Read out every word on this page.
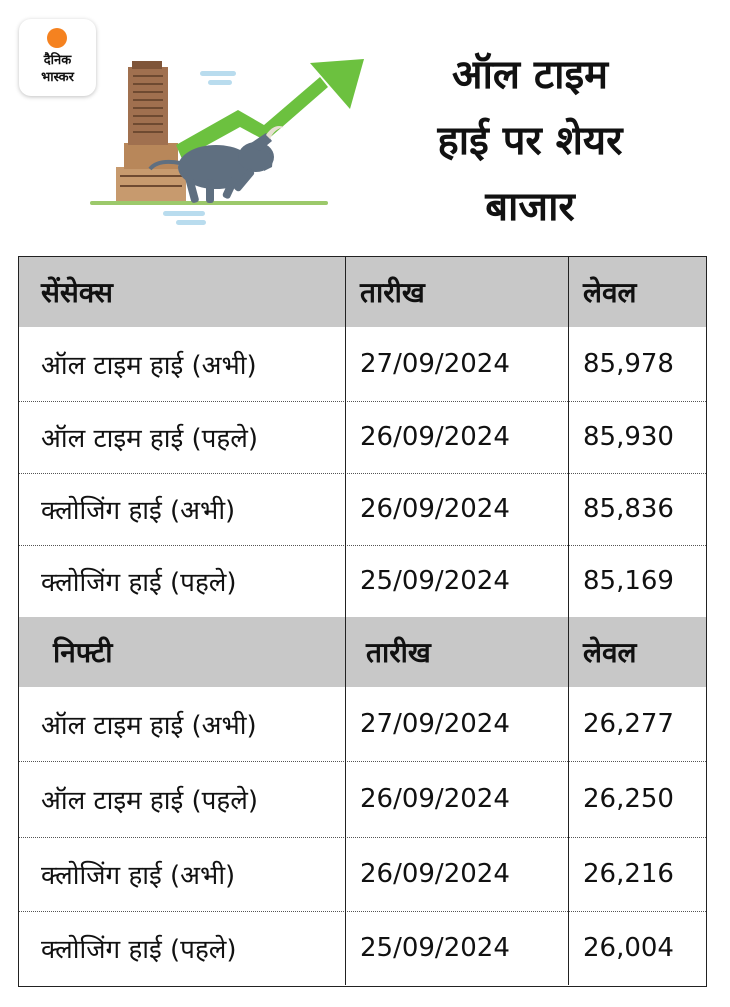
दैनिक
भास्कर	ऑल टाइम
हाई पर शेयर
बाजार
सेंसेक्स	तारीख	लेवल
ऑल टाइम हाई (अभी)	27/09/2024	85,978
ऑल टाइम हाई (पहले)	26/09/2024	85,930
क्लोजिंग हाई (अभी)	26/09/2024	85,836
क्लोजिंग हाई (पहले)	25/09/2024	85,169
निफ्टी	तारीख	लेवल
ऑल टाइम हाई (अभी)	27/09/2024	26,277
ऑल टाइम हाई (पहले)	26/09/2024	26,250
क्लोजिंग हाई (अभी)	26/09/2024	26,216
क्लोजिंग हाई (पहले)	25/09/2024	26,004
